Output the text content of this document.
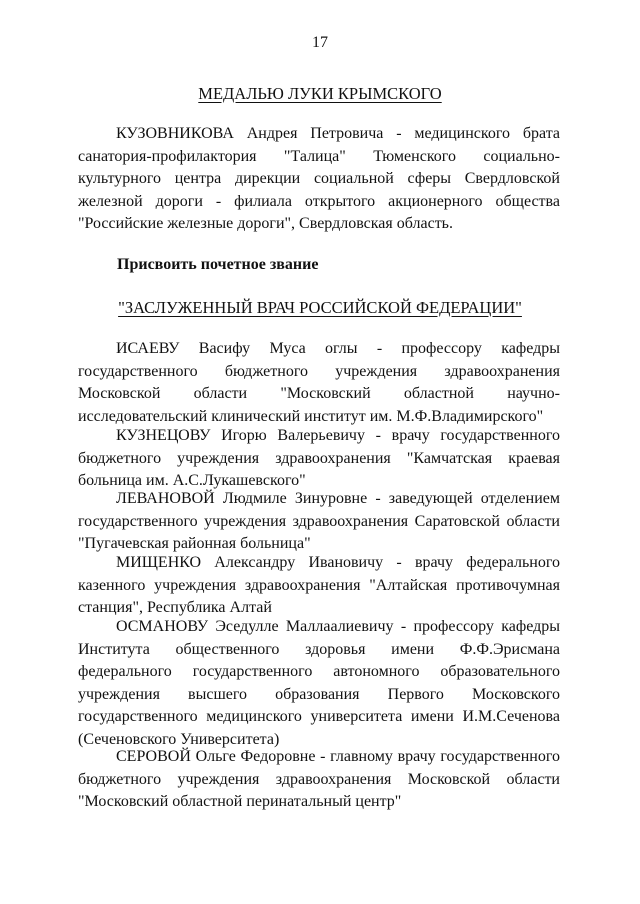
17
МЕДАЛЬЮ ЛУКИ КРЫМСКОГО

КУЗОВНИКОВА Андрея Петровича - медицинского брата санатория-профилактория "Талица" Тюменского социально-культурного центра дирекции социальной сферы Свердловской железной дороги - филиала открытого акционерного общества "Российские железные дороги", Свердловская область.

Присвоить почетное звание
"ЗАСЛУЖЕННЫЙ ВРАЧ РОССИЙСКОЙ ФЕДЕРАЦИИ"

ИСАЕВУ Васифу Муса оглы - профессору кафедры государственного бюджетного учреждения здравоохранения Московской области "Московский областной научно-исследовательский клинический институт им. М.Ф.Владимирского"

КУЗНЕЦОВУ Игорю Валерьевичу - врачу государственного бюджетного учреждения здравоохранения "Камчатская краевая больница им. А.С.Лукашевского"

ЛЕВАНОВОЙ Людмиле Зинуровне - заведующей отделением государственного учреждения здравоохранения Саратовской области "Пугачевская районная больница"

МИЩЕНКО Александру Ивановичу - врачу федерального казенного учреждения здравоохранения "Алтайская противочумная станция", Республика Алтай

ОСМАНОВУ Эседулле Маллаалиевичу - профессору кафедры Института общественного здоровья имени Ф.Ф.Эрисмана федерального государственного автономного образовательного учреждения высшего образования Первого Московского государственного медицинского университета имени И.М.Сеченова (Сеченовского Университета)

СЕРОВОЙ Ольге Федоровне - главному врачу государственного бюджетного учреждения здравоохранения Московской области "Московский областной перинатальный центр"
